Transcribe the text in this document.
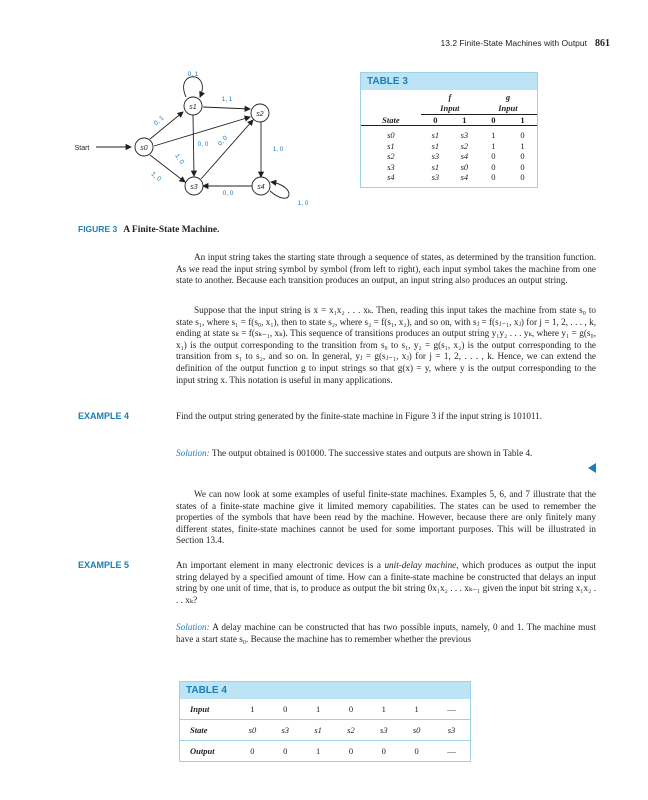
13.2 Finite-State Machines with Output 861
Start	s0
s1
s2
s3	s4
0, 1
1, 1
0, 1
0, 0 0, 0
1, 0
1, 0
1, 0
0, 0
1, 0
TABLE 3
	f		g	
	Input		Input	
State	0	1	0	1

s0	s1	s3	1	0
s1	s1	s2	1	1
s2	s3	s4	0	0
s3	s1	s0	0	0
s4	s3	s4	0	0

FIGURE 3 A Finite-State Machine.

An input string takes the starting state through a sequence of states, as determined by the transition function. As we read the input string symbol by symbol (from left to right), each input symbol takes the machine from one state to another. Because each transition produces an output, an input string also produces an output string.

Suppose that the input string is x = x₁x₂ . . . xₖ. Then, reading this input takes the machine from state s₀ to state s₁, where s₁ = f(s₀, x₁), then to state s₂, where s₂ = f(s₁, x₂), and so on, with sⱼ = f(sⱼ₋₁, xⱼ) for j = 1, 2, . . . , k, ending at state sₖ = f(sₖ₋₁, xₖ). This sequence of transitions produces an output string y₁y₂ . . . yₖ, where y₁ = g(s₀, x₁) is the output corresponding to the transition from s₀ to s₁, y₂ = g(s₁, x₂) is the output corresponding to the transition from s₁ to s₂, and so on. In general, yⱼ = g(sⱼ₋₁, xⱼ) for j = 1, 2, . . . , k. Hence, we can extend the definition of the output function g to input strings so that g(x) = y, where y is the output corresponding to the input string x. This notation is useful in many applications.

EXAMPLE 4	Find the output string generated by the finite-state machine in Figure 3 if the input string is 101011.

Solution: The output obtained is 001000. The successive states and outputs are shown in Table 4.

We can now look at some examples of useful finite-state machines. Examples 5, 6, and 7 illustrate that the states of a finite-state machine give it limited memory capabilities. The states can be used to remember the properties of the symbols that have been read by the machine. However, because there are only finitely many different states, finite-state machines cannot be used for some important purposes. This will be illustrated in Section 13.4.

EXAMPLE 5	An important element in many electronic devices is a unit-delay machine, which produces as output the input string delayed by a specified amount of time. How can a finite-state machine be constructed that delays an input string by one unit of time, that is, to produce as output the bit string 0x₁x₂ . . . xₖ₋₁ given the input bit string x₁x₂ . . . xₖ?

Solution: A delay machine can be constructed that has two possible inputs, namely, 0 and 1. The machine must have a start state s₀. Because the machine has to remember whether the previous

TABLE 4
Input	1	0	1	0	1	1	—
State	s0	s3	s1	s2	s3	s0	s3
Output	0	0	1	0	0	0	—
